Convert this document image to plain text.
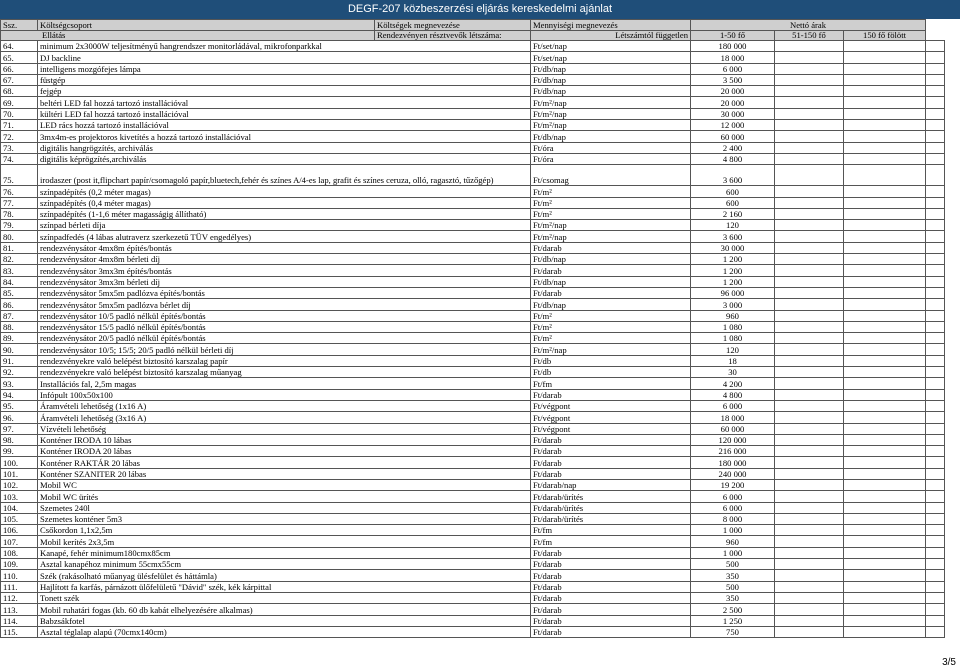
DEGF-207 közbeszerzési eljárás kereskedelmi ajánlat
Ssz.	Költségcsoport	Költségek megnevezése	Mennyiségi megnevezés	Nettó árak			
Ellátás		Rendezvényen résztvevők létszáma:	Létszámtól független	1-50 fő	51-150 fő	150 fő fölött	
64.	minimum 2x3000W teljesítményű hangrendszer monitorládával, mikrofonparkkal		Ft/set/nap	180 000			
65.	DJ backline		Ft/set/nap	18 000			
66.	intelligens mozgófejes lámpa		Ft/db/nap	6 000			
67.	füstgép		Ft/db/nap	3 500			
68.	fejgép		Ft/db/nap	20 000			
69.	beltéri LED fal hozzá tartozó installációval		Ft/m²/nap	20 000			
70.	kültéri LED fal hozzá tartozó installációval		Ft/m²/nap	30 000			
71.	LED rács hozzá tartozó installációval		Ft/m²/nap	12 000			
72.	3mx4m-es projektoros kivetítés a hozzá tartozó installációval		Ft/db/nap	60 000			
73.	digitális hangrögzítés, archiválás		Ft/óra	2 400			
74.	digitális képrögzítés,archiválás		Ft/óra	4 800			
75.	irodaszer (post it,flipchart papír/csomagoló papír,bluetech,fehér és színes A/4-es lap, grafit és színes ceruza, olló, ragasztó, tűzőgép)		Ft/csomag	3 600			
76.	színpadépítés (0,2 méter magas)		Ft/m²	600			
77.	színpadépítés (0,4 méter magas)		Ft/m²	600			
78.	színpadépítés (1-1,6 méter magasságig állítható)		Ft/m²	2 160			
79.	színpad bérleti díja		Ft/m²/nap	120			
80.	színpadfedés (4 lábas alutraverz szerkezetű TÜV engedélyes)		Ft/m²/nap	3 600			
81.	rendezvénysátor 4mx8m építés/bontás		Ft/darab	30 000			
82.	rendezvénysátor 4mx8m bérleti díj		Ft/db/nap	1 200			
83.	rendezvénysátor 3mx3m építés/bontás		Ft/darab	1 200			
84.	rendezvénysátor 3mx3m bérleti díj		Ft/db/nap	1 200			
85.	rendezvénysátor 5mx5m padlózva építés/bontás		Ft/darab	96 000			
86.	rendezvénysátor 5mx5m padlózva bérlet díj		Ft/db/nap	3 000			
87.	rendezvénysátor 10/5 padló nélkül építés/bontás		Ft/m²	960			
88.	rendezvénysátor 15/5 padló nélkül építés/bontás		Ft/m²	1 080			
89.	rendezvénysátor 20/5 padló nélkül építés/bontás		Ft/m²	1 080			
90.	rendezvénysátor 10/5; 15/5; 20/5 padló nélkül bérleti díj		Ft/m²/nap	120			
91.	rendezvényekre való belépést biztosító karszalag papír		Ft/db	18			
92.	rendezvényekre való belépést biztosító karszalag műanyag		Ft/db	30			
93.	Installációs fal, 2,5m magas		Ft/fm	4 200			
94.	Infópult 100x50x100		Ft/darab	4 800			
95.	Áramvételi lehetőség (1x16 A)		Ft/végpont	6 000			
96.	Áramvételi lehetőség (3x16 A)		Ft/végpont	18 000			
97.	Vízvételi lehetőség		Ft/végpont	60 000			
98.	Konténer IRODA 10 lábas		Ft/darab	120 000			
99.	Konténer IRODA 20 lábas		Ft/darab	216 000			
100.	Konténer RAKTÁR 20 lábas		Ft/darab	180 000			
101.	Konténer SZANITER 20 lábas		Ft/darab	240 000			
102.	Mobil WC		Ft/darab/nap	19 200			
103.	Mobil WC ürítés		Ft/darab/ürítés	6 000			
104.	Szemetes 240l		Ft/darab/ürítés	6 000			
105.	Szemetes konténer 5m3		Ft/darab/ürítés	8 000			
106.	Csőkordon 1,1x2,5m		Ft/fm	1 000			
107.	Mobil kerítés 2x3,5m		Ft/fm	960			
108.	Kanapé, fehér minimum180cmx85cm		Ft/darab	1 000			
109.	Asztal kanapéhoz minimum 55cmx55cm		Ft/darab	500			
110.	Szék (rakásolható műanyag ülésfelület és háttámla)		Ft/darab	350			
111.	Hajlított fa karfás, párnázott ülőfelületű "Dávid" szék, kék kárpittal		Ft/darab	500			
112.	Tonett szék		Ft/darab	350			
113.	Mobil ruhatári fogas (kb. 60 db kabát elhelyezésére alkalmas)		Ft/darab	2 500			
114.	Babzsákfotel		Ft/darab	1 250			
115.	Asztal téglalap alapú (70cmx140cm)		Ft/darab	750			
3/5
